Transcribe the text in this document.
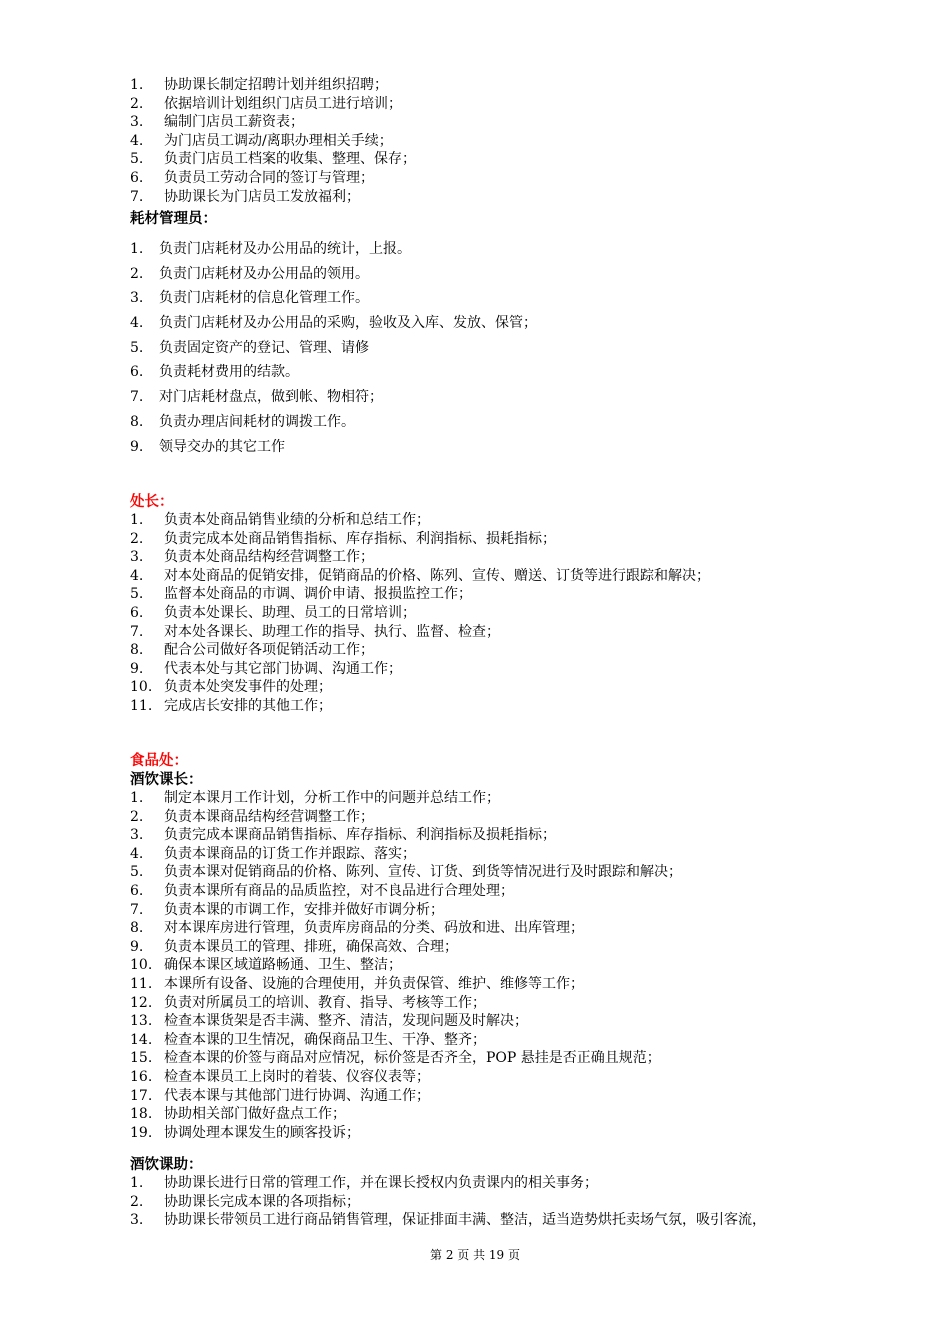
1.	协助课长制定招聘计划并组织招聘；
2.	依据培训计划组织门店员工进行培训；
3.	编制门店员工薪资表；
4.	为门店员工调动/离职办理相关手续；
5.	负责门店员工档案的收集、整理、保存；
6.	负责员工劳动合同的签订与管理；
7.	协助课长为门店员工发放福利；
耗材管理员：
1.	负责门店耗材及办公用品的统计，上报。
2.	负责门店耗材及办公用品的领用。
3.	负责门店耗材的信息化管理工作。
4.	负责门店耗材及办公用品的采购，验收及入库、发放、保管；
5.	负责固定资产的登记、管理、请修
6.	负责耗材费用的结款。
7.	对门店耗材盘点，做到帐、物相符；
8.	负责办理店间耗材的调拨工作。
9.	领导交办的其它工作
处长：
1.	负责本处商品销售业绩的分析和总结工作；
2.	负责完成本处商品销售指标、库存指标、利润指标、损耗指标；
3.	负责本处商品结构经营调整工作；
4.	对本处商品的促销安排，促销商品的价格、陈列、宣传、赠送、订货等进行跟踪和解决；
5.	监督本处商品的市调、调价申请、报损监控工作；
6.	负责本处课长、助理、员工的日常培训；
7.	对本处各课长、助理工作的指导、执行、监督、检查；
8.	配合公司做好各项促销活动工作；
9.	代表本处与其它部门协调、沟通工作；
10. 负责本处突发事件的处理；
11. 完成店长安排的其他工作；
食品处：
酒饮课长：
1.	制定本课月工作计划，分析工作中的问题并总结工作；
2.	负责本课商品结构经营调整工作；
3.	负责完成本课商品销售指标、库存指标、利润指标及损耗指标；
4.	负责本课商品的订货工作并跟踪、落实；
5.	负责本课对促销商品的价格、陈列、宣传、订货、到货等情况进行及时跟踪和解决；
6.	负责本课所有商品的品质监控，对不良品进行合理处理；
7.	负责本课的市调工作，安排并做好市调分析；
8.	对本课库房进行管理，负责库房商品的分类、码放和进、出库管理；
9.	负责本课员工的管理、排班，确保高效、合理；
10. 确保本课区域道路畅通、卫生、整洁；
11. 本课所有设备、设施的合理使用，并负责保管、维护、维修等工作；
12. 负责对所属员工的培训、教育、指导、考核等工作；
13. 检查本课货架是否丰满、整齐、清洁，发现问题及时解决；
14. 检查本课的卫生情况，确保商品卫生、干净、整齐；
15. 检查本课的价签与商品对应情况，标价签是否齐全，POP 悬挂是否正确且规范；
16. 检查本课员工上岗时的着装、仪容仪表等；
17. 代表本课与其他部门进行协调、沟通工作；
18. 协助相关部门做好盘点工作；
19. 协调处理本课发生的顾客投诉；
酒饮课助：
1.	协助课长进行日常的管理工作，并在课长授权内负责课内的相关事务；
2.	协助课长完成本课的各项指标；
3.	协助课长带领员工进行商品销售管理，保证排面丰满、整洁，适当造势烘托卖场气氛，吸引客流，
第 2 页 共 19 页
